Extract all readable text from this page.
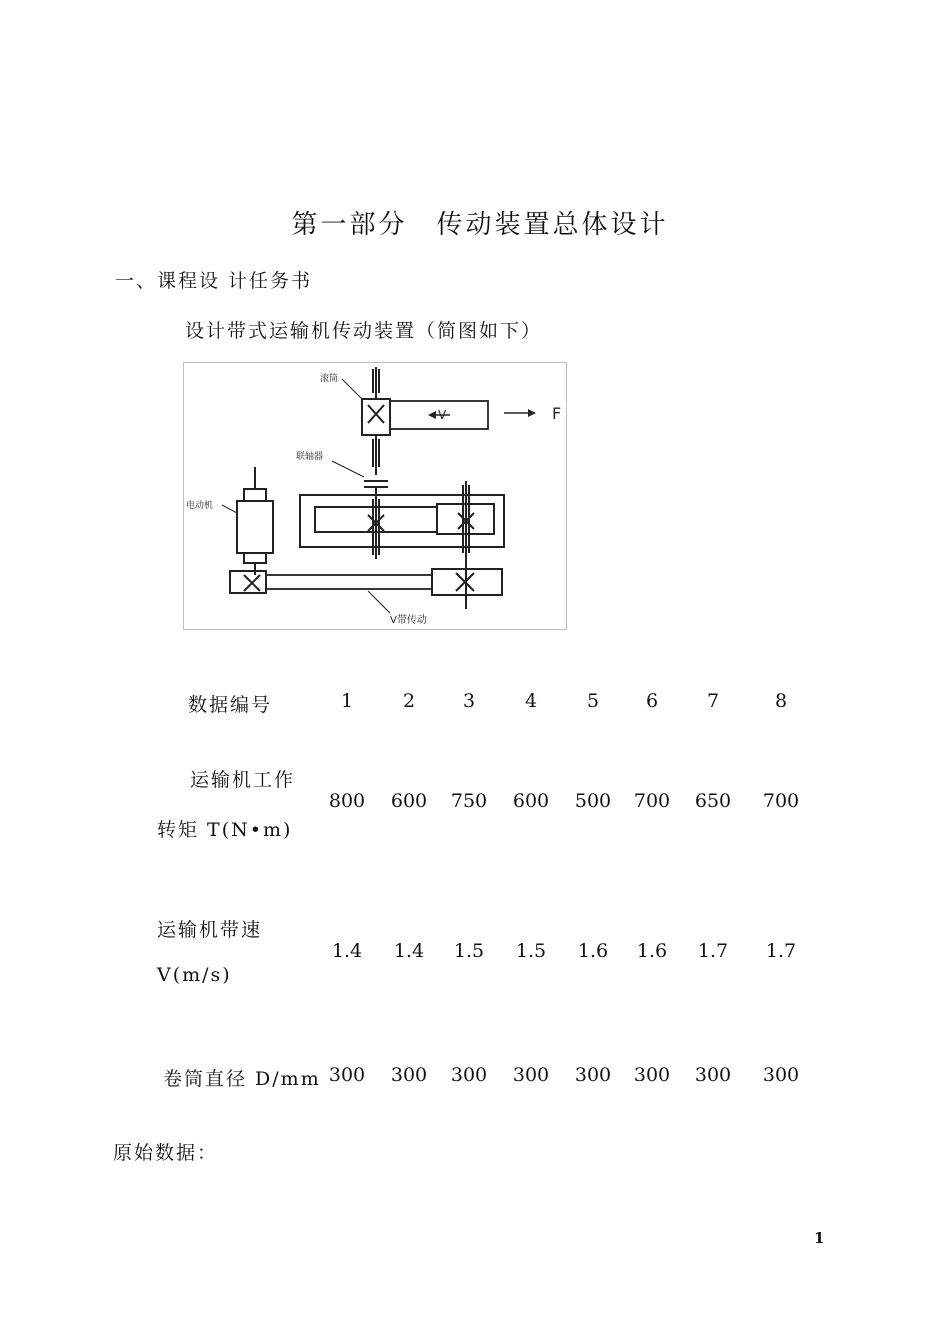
第一部分　传动装置总体设计
一、课程设 计任务书
设计带式运输机传动装置（简图如下）
滚筒
联轴器
电动机
V带传动
V	F
数据编号	1	2	3	4	5	6	7	8
运输机工作
转矩 T(N•m)
800	600	750	600	500	700	650	700
运输机带速
V(m/s)
1.4	1.4	1.5	1.5	1.6	1.6	1.7	1.7
卷筒直径 D/mm 300	300	300	300	300	300	300	300
原始数据：
1
